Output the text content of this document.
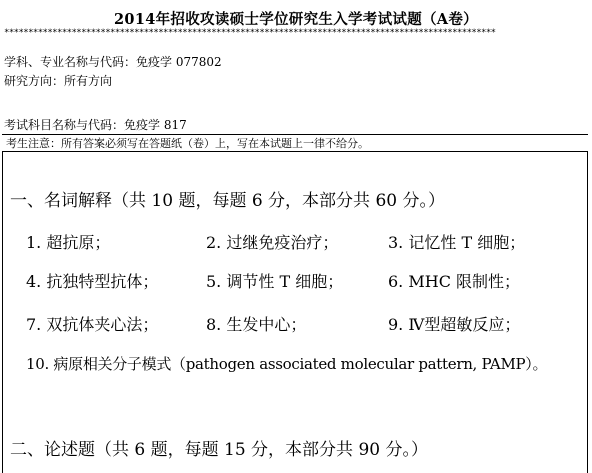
2014年招收攻读硕士学位研究生入学考试试题（A卷）
******************************************************************************************************
学科、专业名称与代码：免疫学 077802
研究方向：所有方向
考试科目名称与代码：免疫学 817
考生注意：所有答案必须写在答题纸（卷）上，写在本试题上一律不给分。
一、名词解释（共 10 题，每题 6 分，本部分共 60 分。）
1. 超抗原；	2. 过继免疫治疗；	3. 记忆性 T 细胞；
4. 抗独特型抗体；	5. 调节性 T 细胞；	6. MHC 限制性；
7. 双抗体夹心法；	8. 生发中心；	9. Ⅳ型超敏反应；
10. 病原相关分子模式（pathogen associated molecular pattern, PAMP）。
二、论述题（共 6 题，每题 15 分，本部分共 90 分。）
